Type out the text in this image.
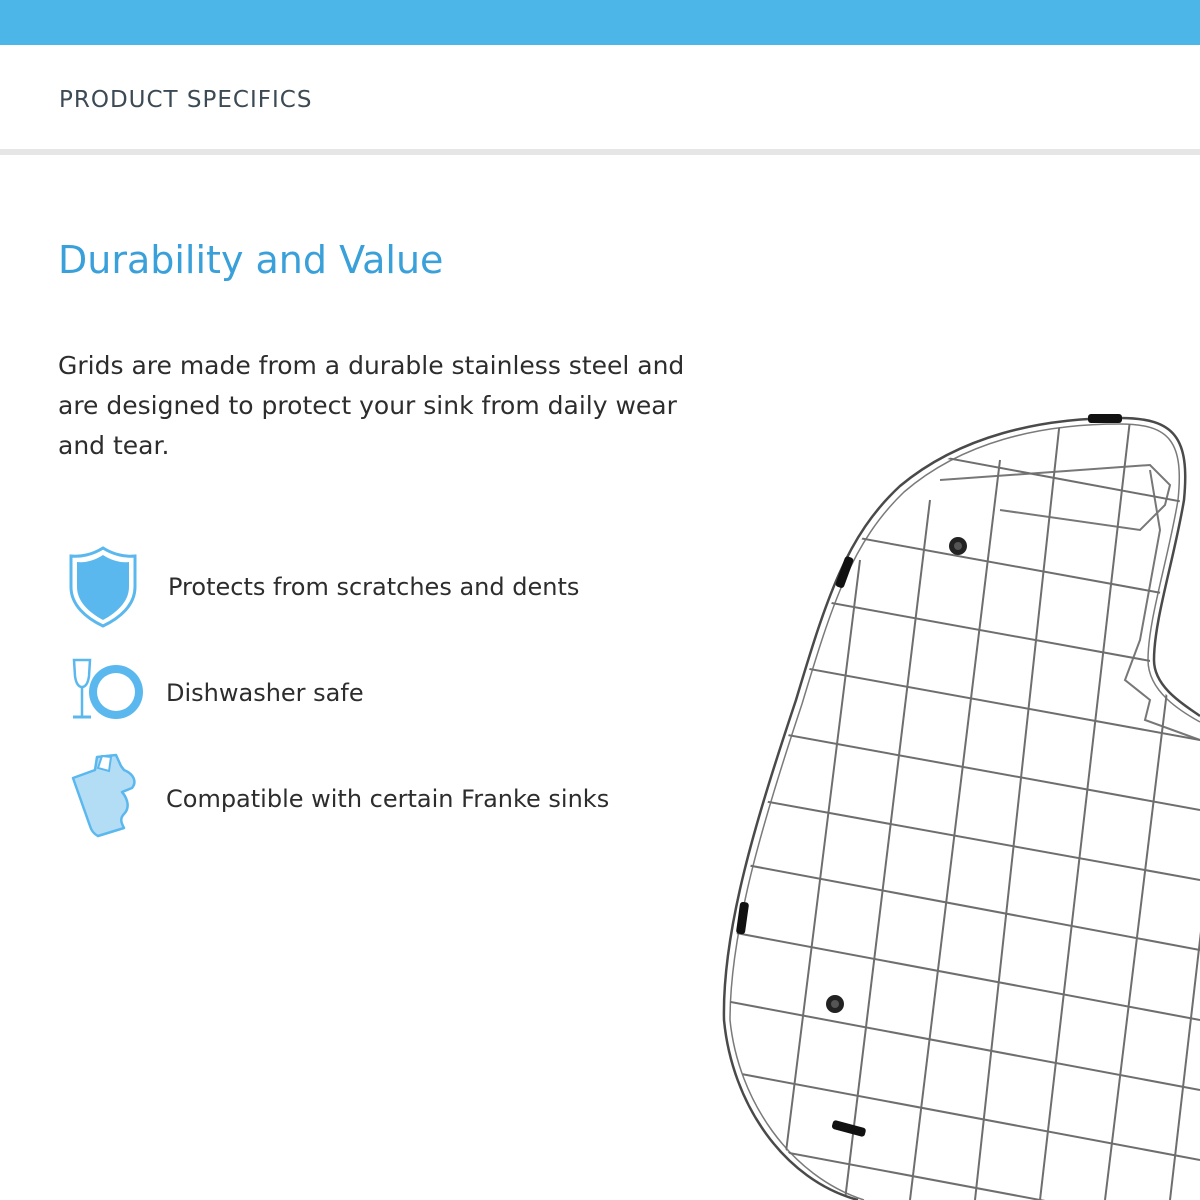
PRODUCT SPECIFICS
Durability and Value
Grids are made from a durable stainless steel and are designed to protect your sink from daily wear and tear.
Protects from scratches and dents
Dishwasher safe
Compatible with certain Franke sinks
